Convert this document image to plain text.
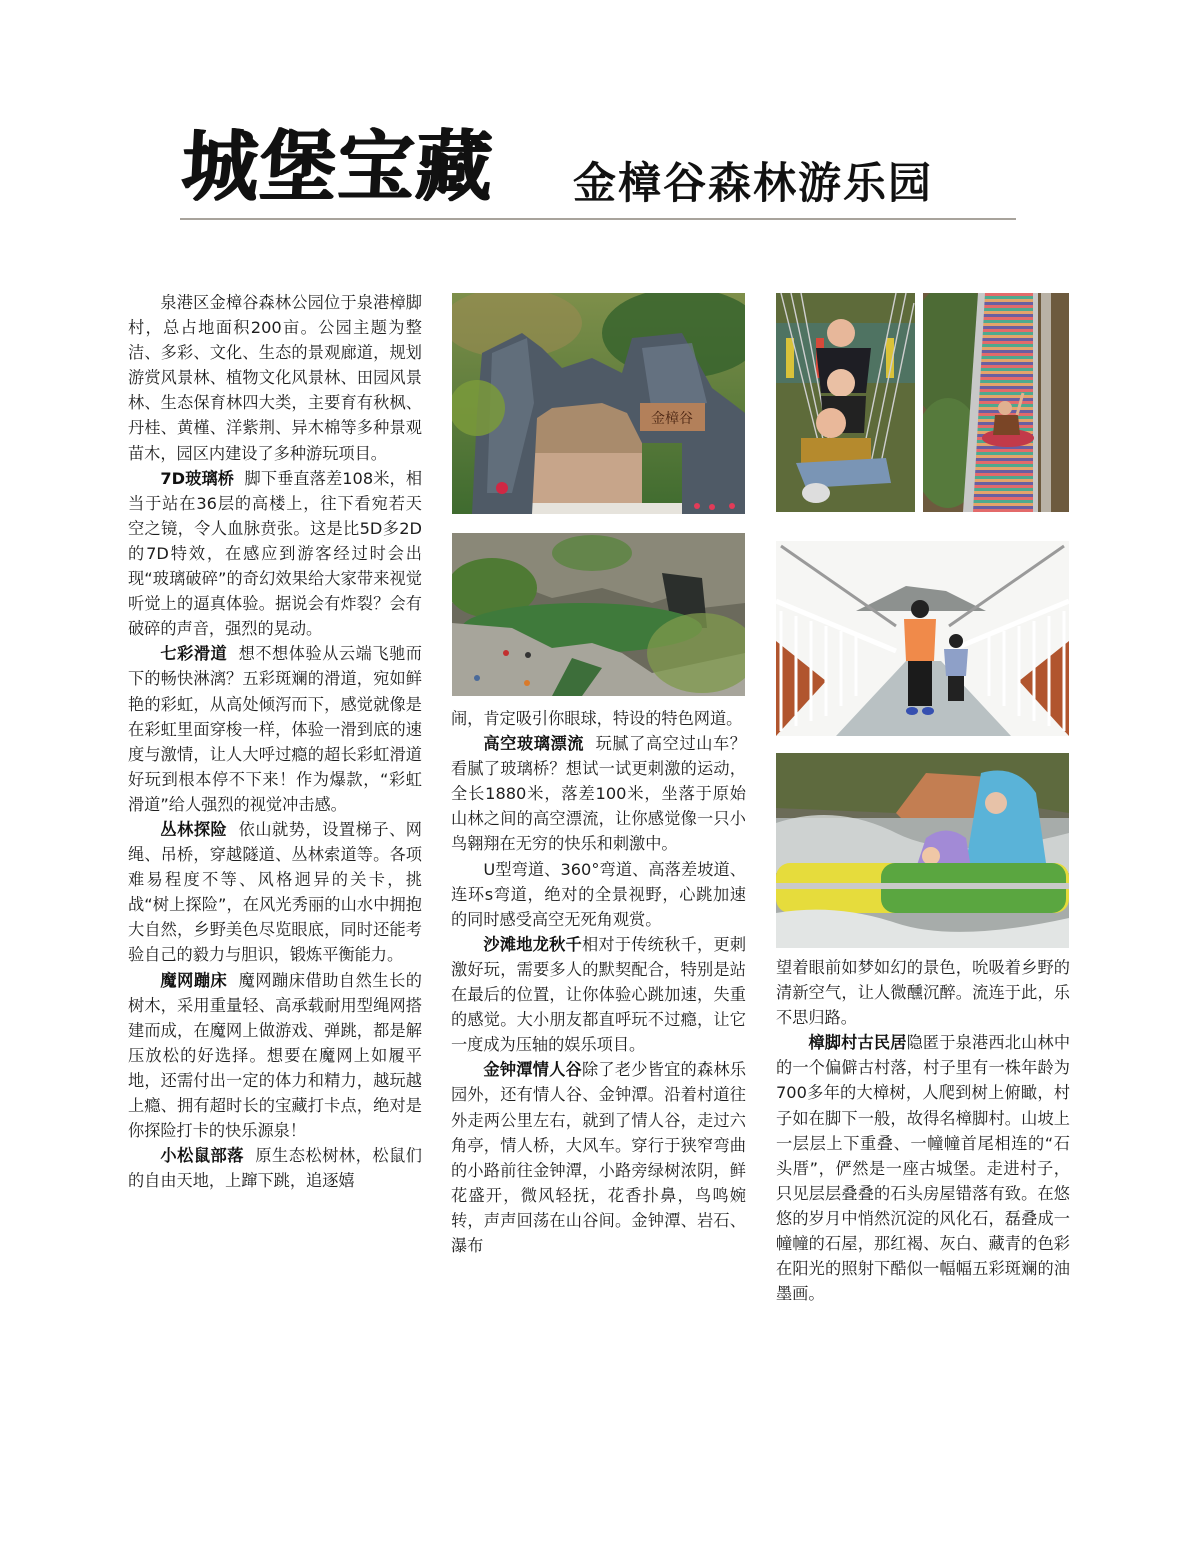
城堡宝藏 金樟谷森林游乐园

泉港区金樟谷森林公园位于泉港樟脚村，总占地面积200亩。公园主题为整洁、多彩、文化、生态的景观廊道，规划游赏风景林、植物文化风景林、田园风景林、生态保育林四大类，主要育有秋枫、丹桂、黄槿、洋紫荆、异木棉等多种景观苗木，园区内建设了多种游玩项目。

7D玻璃桥 脚下垂直落差108米，相当于站在36层的高楼上，往下看宛若天空之镜，令人血脉贲张。这是比5D多2D的7D特效，在感应到游客经过时会出现“玻璃破碎”的奇幻效果给大家带来视觉听觉上的逼真体验。据说会有炸裂？会有破碎的声音，强烈的晃动。

七彩滑道 想不想体验从云端飞驰而下的畅快淋漓？五彩斑斓的滑道，宛如鲜艳的彩虹，从高处倾泻而下，感觉就像是在彩虹里面穿梭一样，体验一滑到底的速度与激情，让人大呼过瘾的超长彩虹滑道好玩到根本停不下来！作为爆款，“彩虹滑道”给人强烈的视觉冲击感。

丛林探险 依山就势，设置梯子、网绳、吊桥，穿越隧道、丛林索道等。各项难易程度不等、风格迥异的关卡，挑战“树上探险”，在风光秀丽的山水中拥抱大自然，乡野美色尽览眼底，同时还能考验自己的毅力与胆识，锻炼平衡能力。

魔网蹦床 魔网蹦床借助自然生长的树木，采用重量轻、高承载耐用型绳网搭建而成，在魔网上做游戏、弹跳，都是解压放松的好选择。想要在魔网上如履平地，还需付出一定的体力和精力，越玩越上瘾、拥有超时长的宝藏打卡点，绝对是你探险打卡的快乐源泉！

小松鼠部落 原生态松树林，松鼠们的自由天地，上蹿下跳，追逐嬉

金樟谷

闹，肯定吸引你眼球，特设的特色网道。

高空玻璃漂流 玩腻了高空过山车？看腻了玻璃桥？想试一试更刺激的运动，全长1880米，落差100米，坐落于原始山林之间的高空漂流，让你感觉像一只小鸟翱翔在无穷的快乐和刺激中。

U型弯道、360°弯道、高落差坡道、连环s弯道，绝对的全景视野，心跳加速的同时感受高空无死角观赏。

沙滩地龙秋千相对于传统秋千，更刺激好玩，需要多人的默契配合，特别是站在最后的位置，让你体验心跳加速，失重的感觉。大小朋友都直呼玩不过瘾，让它一度成为压轴的娱乐项目。

金钟潭情人谷除了老少皆宜的森林乐园外，还有情人谷、金钟潭。沿着村道往外走两公里左右，就到了情人谷，走过六角亭，情人桥，大风车。穿行于狭窄弯曲的小路前往金钟潭，小路旁绿树浓阴，鲜花盛开，微风轻抚，花香扑鼻，鸟鸣婉转，声声回荡在山谷间。金钟潭、岩石、瀑布

望着眼前如梦如幻的景色，吮吸着乡野的清新空气，让人微醺沉醉。流连于此，乐不思归路。

樟脚村古民居隐匿于泉港西北山林中的一个偏僻古村落，村子里有一株年龄为700多年的大樟树，人爬到树上俯瞰，村子如在脚下一般，故得名樟脚村。山坡上一层层上下重叠、一幢幢首尾相连的“石头厝”，俨然是一座古城堡。走进村子，只见层层叠叠的石头房屋错落有致。在悠悠的岁月中悄然沉淀的风化石，磊叠成一幢幢的石屋，那红褐、灰白、藏青的色彩在阳光的照射下酷似一幅幅五彩斑斓的油墨画。
